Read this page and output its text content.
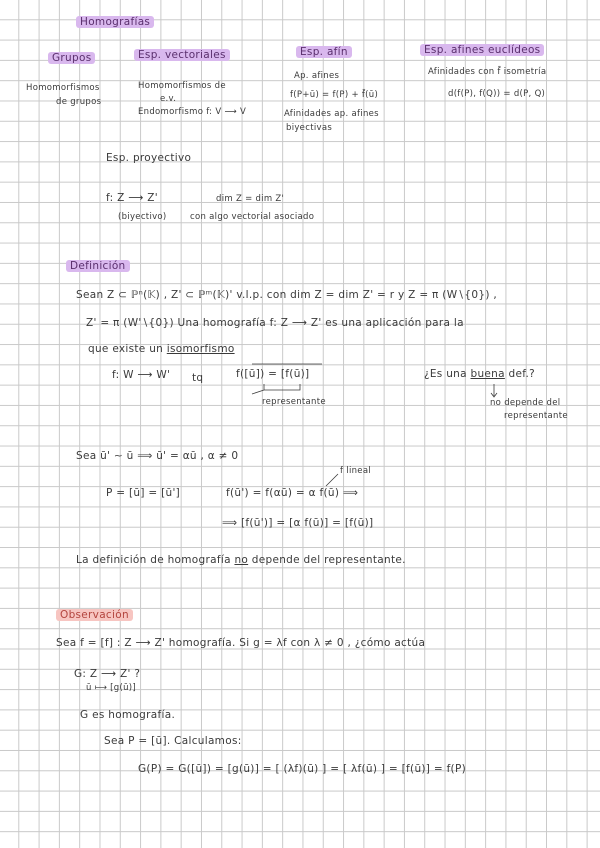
Homografías
Grupos	Esp. vectoriales	Esp. afín	Esp. afines euclídeos
Homomorfismos
de grupos
Homomorfismos de
e.v.
Endomorfismo f: V ⟶ V
Ap. afines
f(P+ū) = f(P) + f̄(ū)
Afinidades ap. afines
biyectivas
Afinidades con f̄ isometría
d(f(P), f(Q)) = d(P, Q)
Esp. proyectivo
f: Z ⟶ Z'	dim Z = dim Z'
(biyectivo)	con algo vectorial asociado
Definición
Sean Z ⊂ ℙⁿ(𝕂) , Z' ⊂ ℙᵐ(𝕂)' v.l.p. con dim Z = dim Z' = r y Z = π (W∖{0}) ,
Z' = π (W'∖{0}) Una homografía f: Z ⟶ Z' es una aplicación para la
que existe un isomorfismo
f: W ⟶ W' tq	f([ū]) = [f(ū)]
representante
¿Es una buena def.?
no depende del
representante
Sea ū' ∼ ū ⟹ ū' = αū , α ≠ 0
f lineal
P = [ū] = [ū']	f(ū') = f(αū) = α f(ū) ⟹
⟹ [f(ū')] = [α f(ū)] = [f(ū)]
La definición de homografía no depende del representante.
Observación
Sea f = [f] : Z ⟶ Z' homografía. Si g = λf con λ ≠ 0 , ¿cómo actúa
G: Z ⟶ Z' ?
ū ⟼ [g(ū)]
G es homografía.
Sea P = [ū]. Calculamos:
G(P) = G([ū]) = [g(ū)] = [ (λf)(ū) ] = [ λf(ū) ] = [f(ū)] = f(P)
